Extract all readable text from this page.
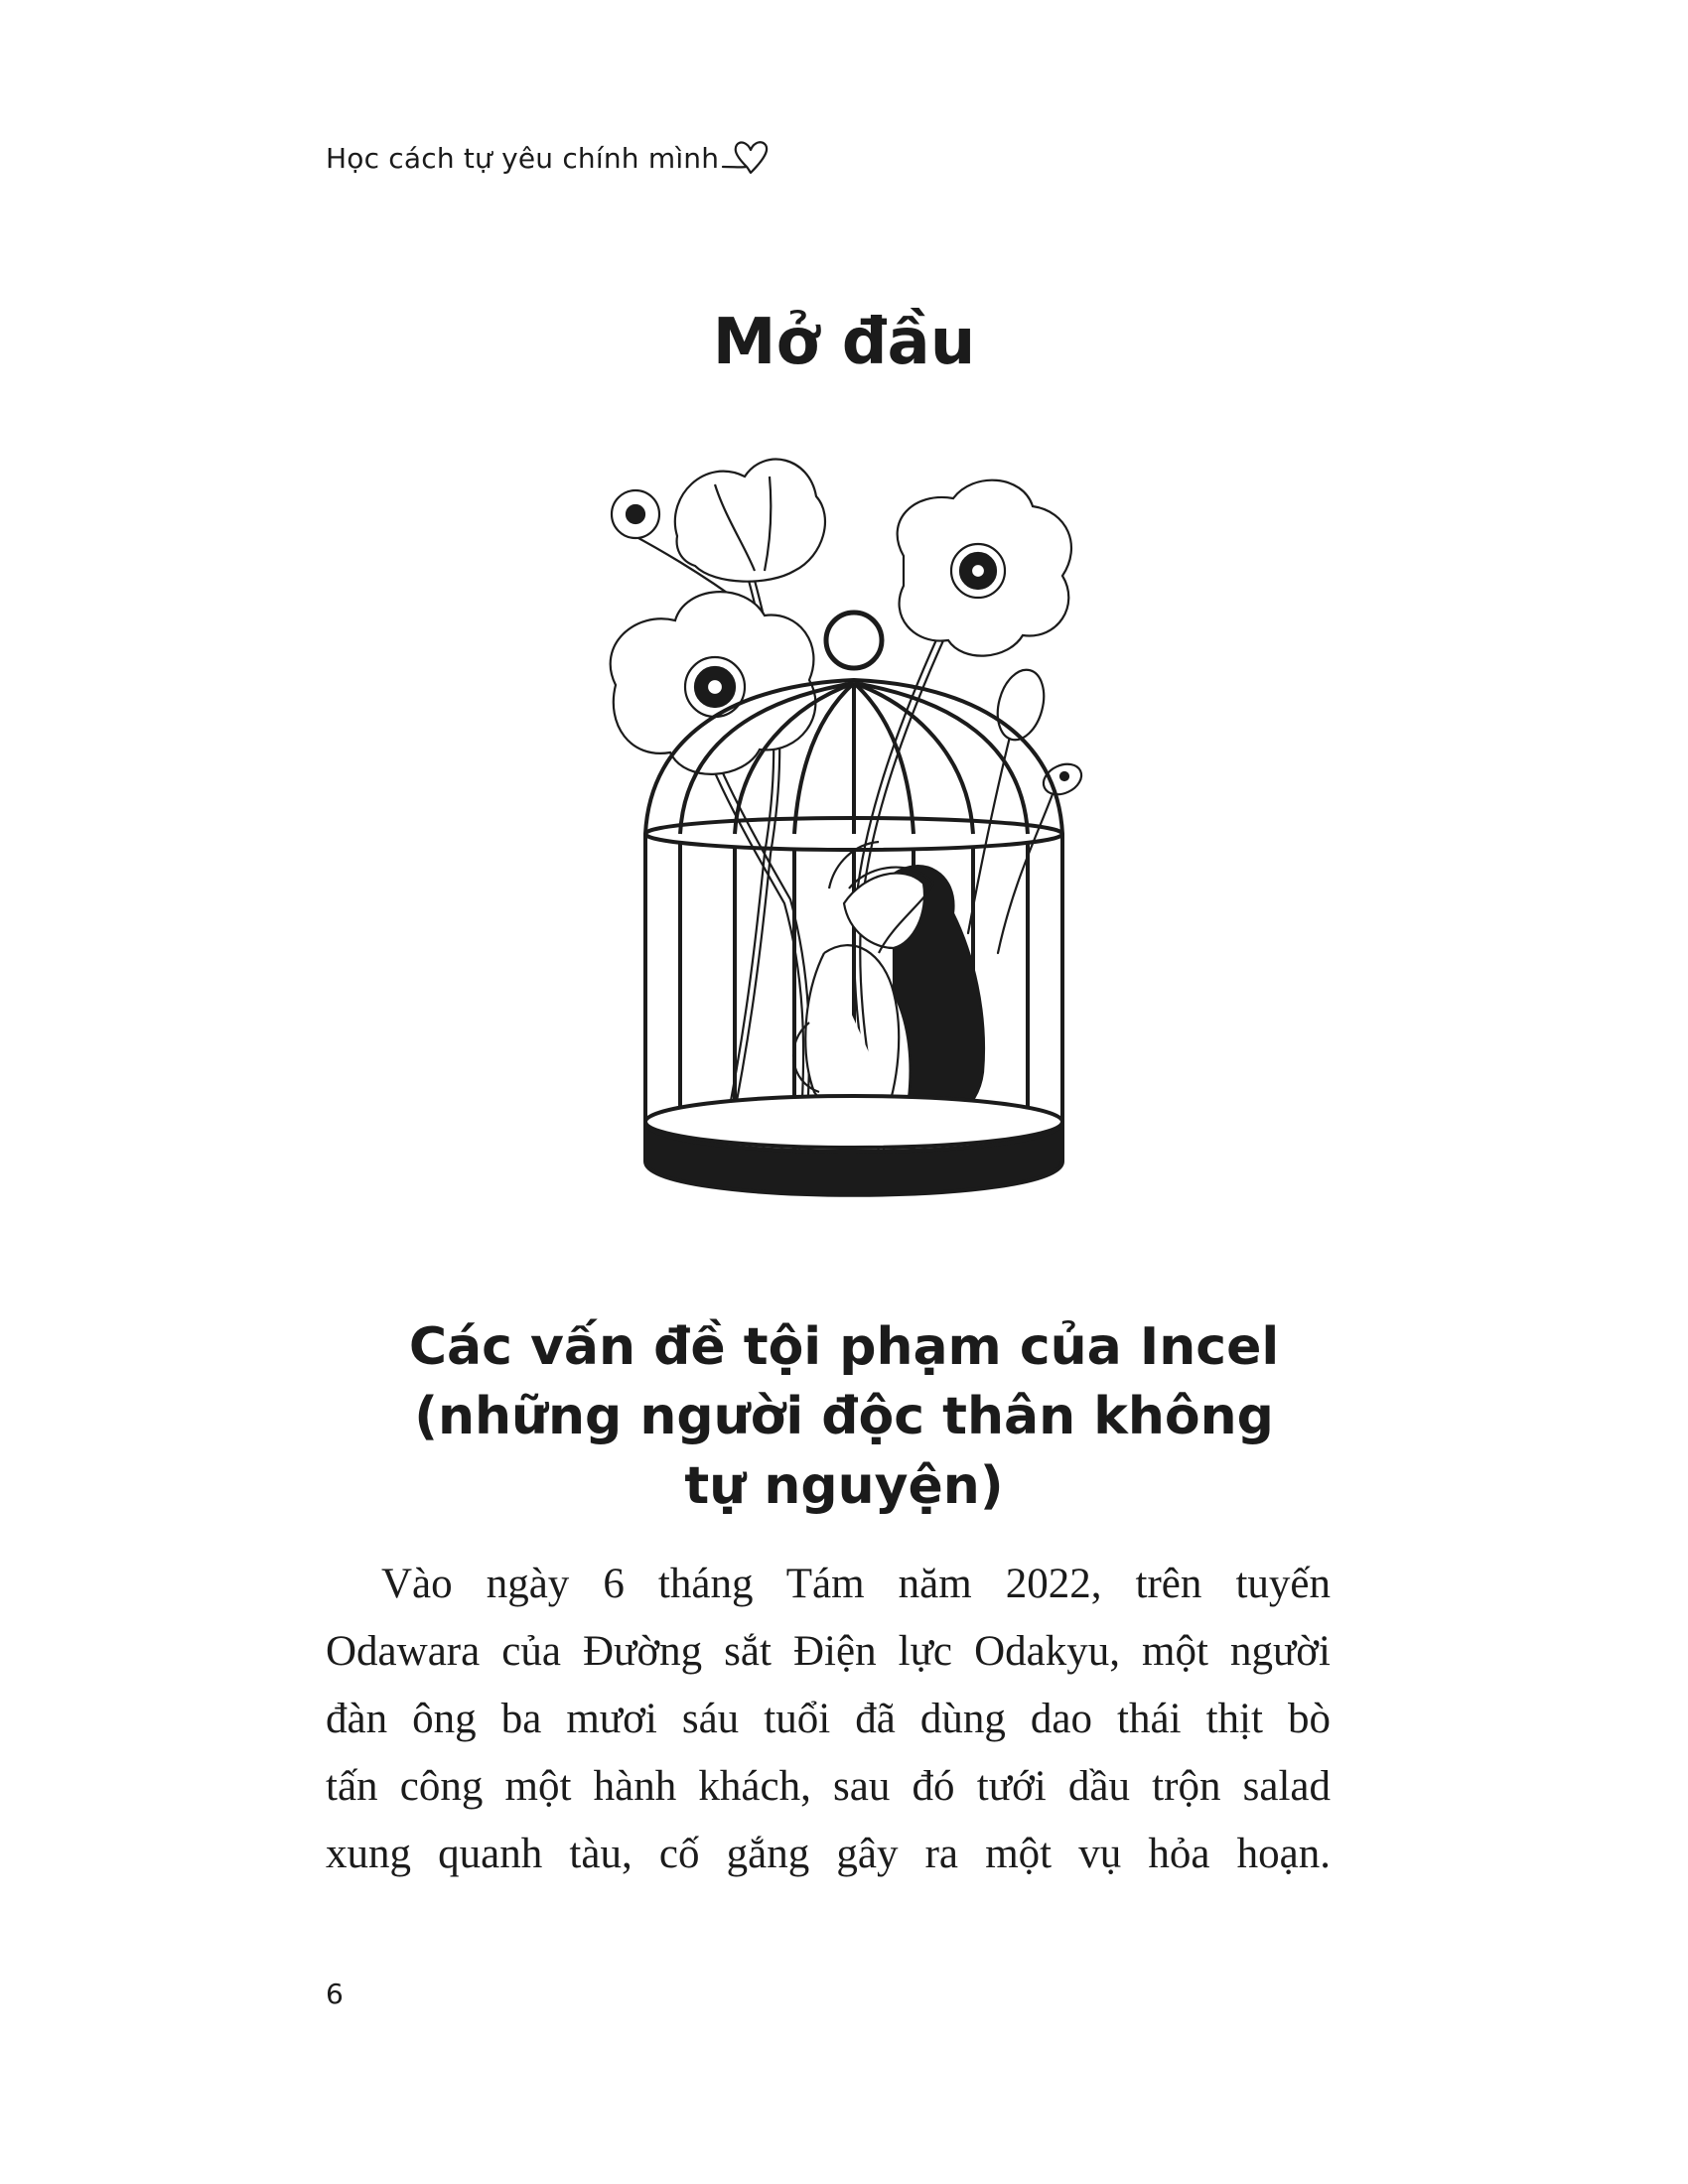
Học cách tự yêu chính mình
Mở đầu
Các vấn đề tội phạm của Incel
(những người độc thân không
tự nguyện)
Vào ngày 6 tháng Tám năm 2022, trên tuyến
Odawara của Đường sắt Điện lực Odakyu, một người
đàn ông ba mươi sáu tuổi đã dùng dao thái thịt bò
tấn công một hành khách, sau đó tưới dầu trộn salad
xung quanh tàu, cố gắng gây ra một vụ hỏa hoạn.
6
